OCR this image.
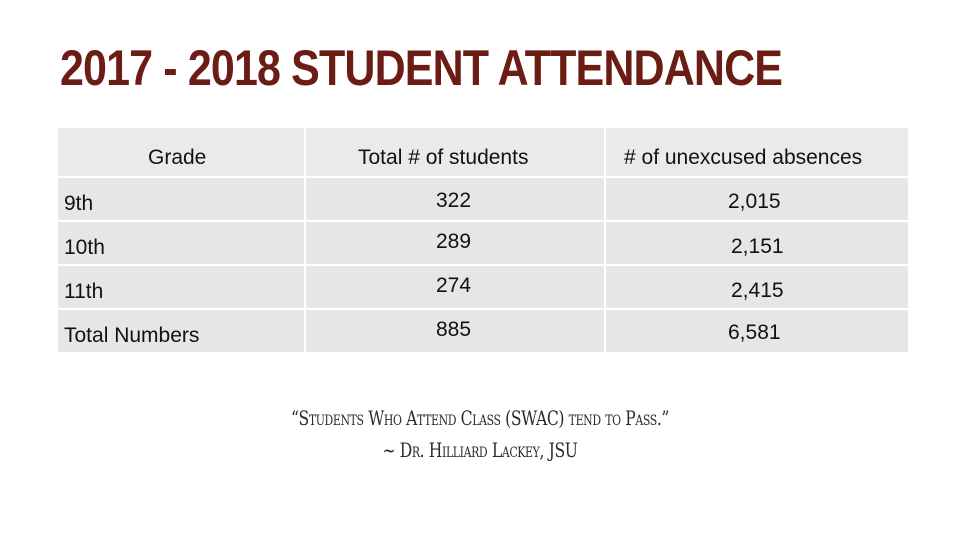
2017 - 2018 STUDENT ATTENDANCE
Grade	Total # of students	# of unexcused absences
9th	322	2,015
10th	289	2,151
11th	274	2,415
Total Numbers	885	6,581
“Students Who Attend Class (SWAC) tend to Pass.”
~ Dr. Hilliard Lackey, JSU
